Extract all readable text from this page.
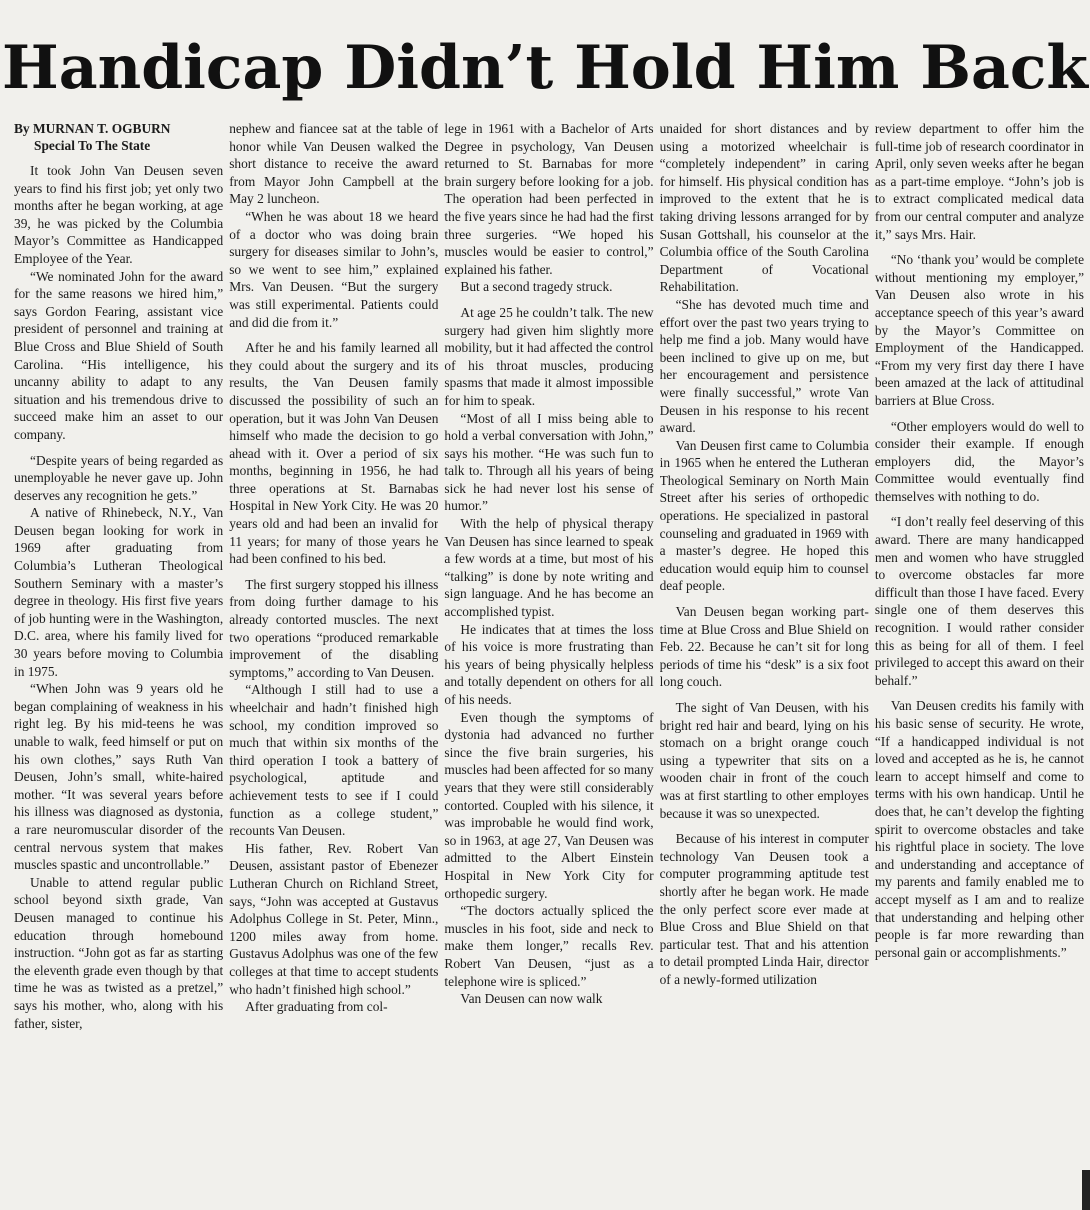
Handicap Didn’t Hold Him Back
By MURNAN T. OGBURN
Special To The State

It took John Van Deusen seven years to find his first job; yet only two months after he began working, at age 39, he was picked by the Columbia Mayor’s Committee as Handicapped Employee of the Year.

“We nominated John for the award for the same reasons we hired him,” says Gordon Fearing, assistant vice president of personnel and training at Blue Cross and Blue Shield of South Carolina. “His intelligence, his uncanny ability to adapt to any situation and his tremendous drive to succeed make him an asset to our company.

“Despite years of being regarded as unemployable he never gave up. John deserves any recognition he gets.”

A native of Rhinebeck, N.Y., Van Deusen began looking for work in 1969 after graduating from Columbia’s Lutheran Theological Southern Seminary with a master’s degree in theology. His first five years of job hunting were in the Washington, D.C. area, where his family lived for 30 years before moving to Columbia in 1975.

“When John was 9 years old he began complaining of weakness in his right leg. By his mid-teens he was unable to walk, feed himself or put on his own clothes,” says Ruth Van Deusen, John’s small, white-haired mother. “It was several years before his illness was diagnosed as dystonia, a rare neuromuscular disorder of the central nervous system that makes muscles spastic and uncontrollable.”

Unable to attend regular public school beyond sixth grade, Van Deusen managed to continue his education through homebound instruction. “John got as far as starting the eleventh grade even though by that time he was as twisted as a pretzel,” says his mother, who, along with his father, sister,

nephew and fiancee sat at the table of honor while Van Deusen walked the short distance to receive the award from Mayor John Campbell at the May 2 luncheon.

“When he was about 18 we heard of a doctor who was doing brain surgery for diseases similar to John’s, so we went to see him,” explained Mrs. Van Deusen. “But the surgery was still experimental. Patients could and did die from it.”

After he and his family learned all they could about the surgery and its results, the Van Deusen family discussed the possibility of such an operation, but it was John Van Deusen himself who made the decision to go ahead with it. Over a period of six months, beginning in 1956, he had three operations at St. Barnabas Hospital in New York City. He was 20 years old and had been an invalid for 11 years; for many of those years he had been confined to his bed.

The first surgery stopped his illness from doing further damage to his already contorted muscles. The next two operations “produced remarkable improvement of the disabling symptoms,” according to Van Deusen.

“Although I still had to use a wheelchair and hadn’t finished high school, my condition improved so much that within six months of the third operation I took a battery of psychological, aptitude and achievement tests to see if I could function as a college student,” recounts Van Deusen.

His father, Rev. Robert Van Deusen, assistant pastor of Ebenezer Lutheran Church on Richland Street, says, “John was accepted at Gustavus Adolphus College in St. Peter, Minn., 1200 miles away from home. Gustavus Adolphus was one of the few colleges at that time to accept students who hadn’t finished high school.”

After graduating from col-

lege in 1961 with a Bachelor of Arts Degree in psychology, Van Deusen returned to St. Barnabas for more brain surgery before looking for a job. The operation had been perfected in the five years since he had had the first three surgeries. “We hoped his muscles would be easier to control,” explained his father.

But a second tragedy struck.

At age 25 he couldn’t talk. The new surgery had given him slightly more mobility, but it had affected the control of his throat muscles, producing spasms that made it almost impossible for him to speak.

“Most of all I miss being able to hold a verbal conversation with John,” says his mother. “He was such fun to talk to. Through all his years of being sick he had never lost his sense of humor.”

With the help of physical therapy Van Deusen has since learned to speak a few words at a time, but most of his “talking” is done by note writing and sign language. And he has become an accomplished typist.

He indicates that at times the loss of his voice is more frustrating than his years of being physically helpless and totally dependent on others for all of his needs.

Even though the symptoms of dystonia had advanced no further since the five brain surgeries, his muscles had been affected for so many years that they were still considerably contorted. Coupled with his silence, it was improbable he would find work, so in 1963, at age 27, Van Deusen was admitted to the Albert Einstein Hospital in New York City for orthopedic surgery.

“The doctors actually spliced the muscles in his foot, side and neck to make them longer,” recalls Rev. Robert Van Deusen, “just as a telephone wire is spliced.”

Van Deusen can now walk

unaided for short distances and by using a motorized wheelchair is “completely independent” in caring for himself. His physical condition has improved to the extent that he is taking driving lessons arranged for by Susan Gottshall, his counselor at the Columbia office of the South Carolina Department of Vocational Rehabilitation.

“She has devoted much time and effort over the past two years trying to help me find a job. Many would have been inclined to give up on me, but her encouragement and persistence were finally successful,” wrote Van Deusen in his response to his recent award.

Van Deusen first came to Columbia in 1965 when he entered the Lutheran Theological Seminary on North Main Street after his series of orthopedic operations. He specialized in pastoral counseling and graduated in 1969 with a master’s degree. He hoped this education would equip him to counsel deaf people.

Van Deusen began working part-time at Blue Cross and Blue Shield on Feb. 22. Because he can’t sit for long periods of time his “desk” is a six foot long couch.

The sight of Van Deusen, with his bright red hair and beard, lying on his stomach on a bright orange couch using a typewriter that sits on a wooden chair in front of the couch was at first startling to other employes because it was so unexpected.

Because of his interest in computer technology Van Deusen took a computer programming aptitude test shortly after he began work. He made the only perfect score ever made at Blue Cross and Blue Shield on that particular test. That and his attention to detail prompted Linda Hair, director of a newly-formed utilization

review department to offer him the full-time job of research coordinator in April, only seven weeks after he began as a part-time employe. “John’s job is to extract complicated medical data from our central computer and analyze it,” says Mrs. Hair.

“No ‘thank you’ would be complete without mentioning my employer,” Van Deusen also wrote in his acceptance speech of this year’s award by the Mayor’s Committee on Employment of the Handicapped. “From my very first day there I have been amazed at the lack of attitudinal barriers at Blue Cross.

“Other employers would do well to consider their example. If enough employers did, the Mayor’s Committee would eventually find themselves with nothing to do.

“I don’t really feel deserving of this award. There are many handicapped men and women who have struggled to overcome obstacles far more difficult than those I have faced. Every single one of them deserves this recognition. I would rather consider this as being for all of them. I feel privileged to accept this award on their behalf.”

Van Deusen credits his family with his basic sense of security. He wrote, “If a handicapped individual is not loved and accepted as he is, he cannot learn to accept himself and come to terms with his own handicap. Until he does that, he can’t develop the fighting spirit to overcome obstacles and take his rightful place in society. The love and understanding and acceptance of my parents and family enabled me to accept myself as I am and to realize that understanding and helping other people is far more rewarding than personal gain or accomplishments.”
